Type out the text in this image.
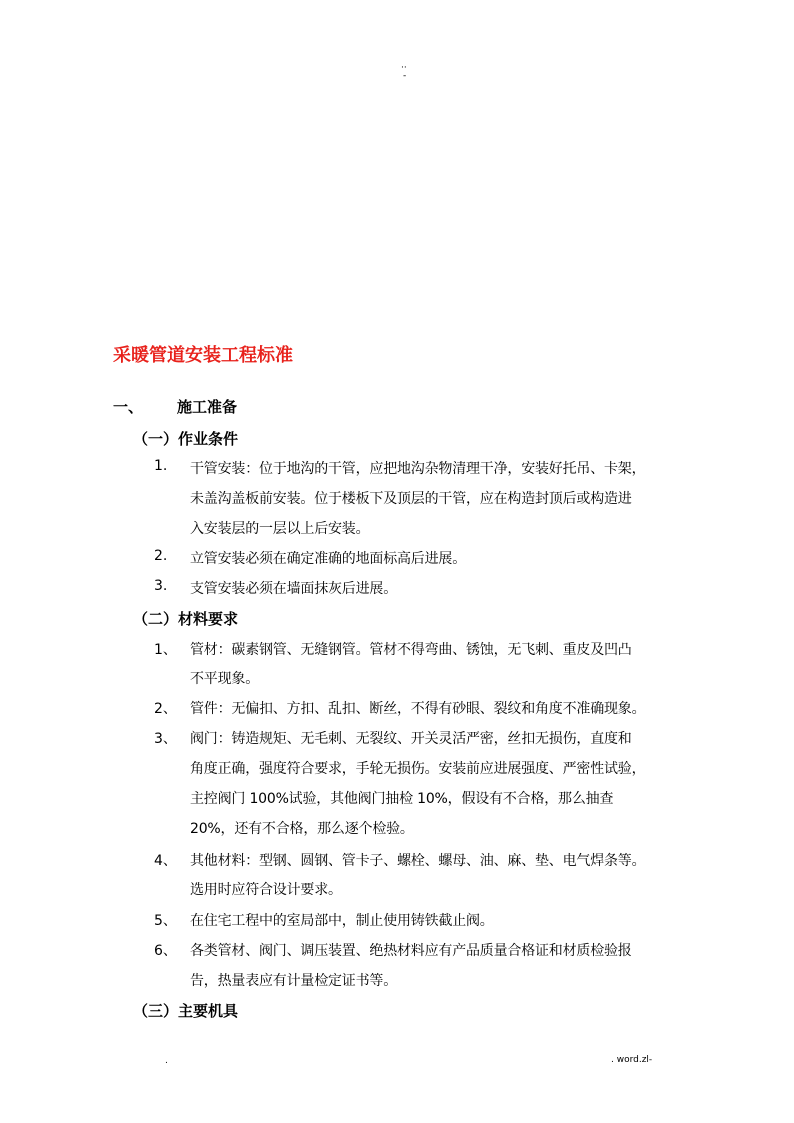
··
-
采暖管道安装工程标准
一、 施工准备
（一）作业条件
1. 干管安装：位于地沟的干管，应把地沟杂物清理干净，安装好托吊、卡架，
未盖沟盖板前安装。位于楼板下及顶层的干管，应在构造封顶后或构造进
入安装层的一层以上后安装。
2. 立管安装必须在确定准确的地面标高后进展。
3. 支管安装必须在墙面抹灰后进展。
（二）材料要求
1、 管材：碳素钢管、无缝钢管。管材不得弯曲、锈蚀，无飞刺、重皮及凹凸
不平现象。
2、 管件：无偏扣、方扣、乱扣、断丝，不得有砂眼、裂纹和角度不准确现象。
3、 阀门：铸造规矩、无毛刺、无裂纹、开关灵活严密，丝扣无损伤，直度和
角度正确，强度符合要求，手轮无损伤。安装前应进展强度、严密性试验，
主控阀门 100%试验，其他阀门抽检 10%，假设有不合格，那么抽查
20%，还有不合格，那么逐个检验。
4、 其他材料：型钢、圆钢、管卡子、螺栓、螺母、油、麻、垫、电气焊条等。
选用时应符合设计要求。
5、 在住宅工程中的室局部中，制止使用铸铁截止阀。
6、 各类管材、阀门、调压装置、绝热材料应有产品质量合格证和材质检验报
告，热量表应有计量检定证书等。
（三）主要机具
.	. word.zl-
